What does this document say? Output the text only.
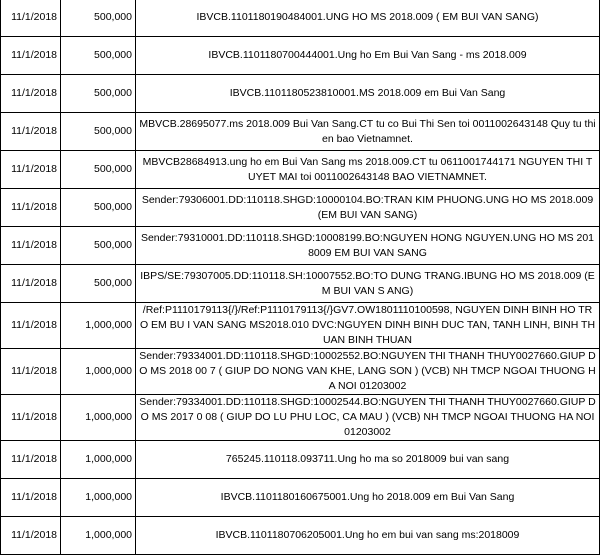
11/1/2018	500,000	IBVCB.1101180190484001.UNG HO MS 2018.009 ( EM BUI VAN SANG)

11/1/2018	500,000	IBVCB.1101180700444001.Ung ho Em Bui Van Sang - ms 2018.009

11/1/2018	500,000	IBVCB.1101180523810001.MS 2018.009 em Bui Van Sang

11/1/2018	500,000	MBVCB.28695077.ms 2018.009 Bui Van Sang.CT tu co Bui Thi Sen toi 0011002643148 Quy tu thien bao Vietnamnet.

11/1/2018	500,000	MBVCB28684913.ung ho em Bui Van Sang ms 2018.009.CT tu 0611001744171 NGUYEN THI TUYET MAI toi 0011002643148 BAO VIETNAMNET.

11/1/2018	500,000	Sender:79306001.DD:110118.SHGD:10000104.BO:TRAN KIM PHUONG.UNG HO MS 2018.009 (EM BUI VAN SANG)

11/1/2018	500,000	Sender:79310001.DD:110118.SHGD:10008199.BO:NGUYEN HONG NGUYEN.UNG HO MS 2018009 EM BUI VAN SANG

11/1/2018	500,000	IBPS/SE:79307005.DD:110118.SH:10007552.BO:TO DUNG TRANG.IBUNG HO MS 2018.009 (EM BUI VAN S ANG)

11/1/2018	1,000,000	/Ref:P1110179113{/}/Ref:P1110179113{/}GV7.OW1801110100598, NGUYEN DINH BINH HO TRO EM BU I VAN SANG MS2018.010 DVC:NGUYEN DINH BINH DUC TAN, TANH LINH, BINH THUAN BINH THUAN

11/1/2018	1,000,000	Sender:79334001.DD:110118.SHGD:10002552.BO:NGUYEN THI THANH THUY0027660.GIUP DO MS 2018 00 7 ( GIUP DO NONG VAN KHE, LANG SON ) (VCB) NH TMCP NGOAI THUONG HA NOI 01203002

11/1/2018	1,000,000	Sender:79334001.DD:110118.SHGD:10002544.BO:NGUYEN THI THANH THUY0027660.GIUP DO MS 2017 0 08 ( GIUP DO LU PHU LOC, CA MAU ) (VCB) NH TMCP NGOAI THUONG HA NOI 01203002

11/1/2018	1,000,000	765245.110118.093711.Ung ho ma so 2018009 bui van sang

11/1/2018	1,000,000	IBVCB.1101180160675001.Ung ho 2018.009 em Bui Van Sang

11/1/2018	1,000,000	IBVCB.1101180706205001.Ung ho em bui van sang ms:2018009
